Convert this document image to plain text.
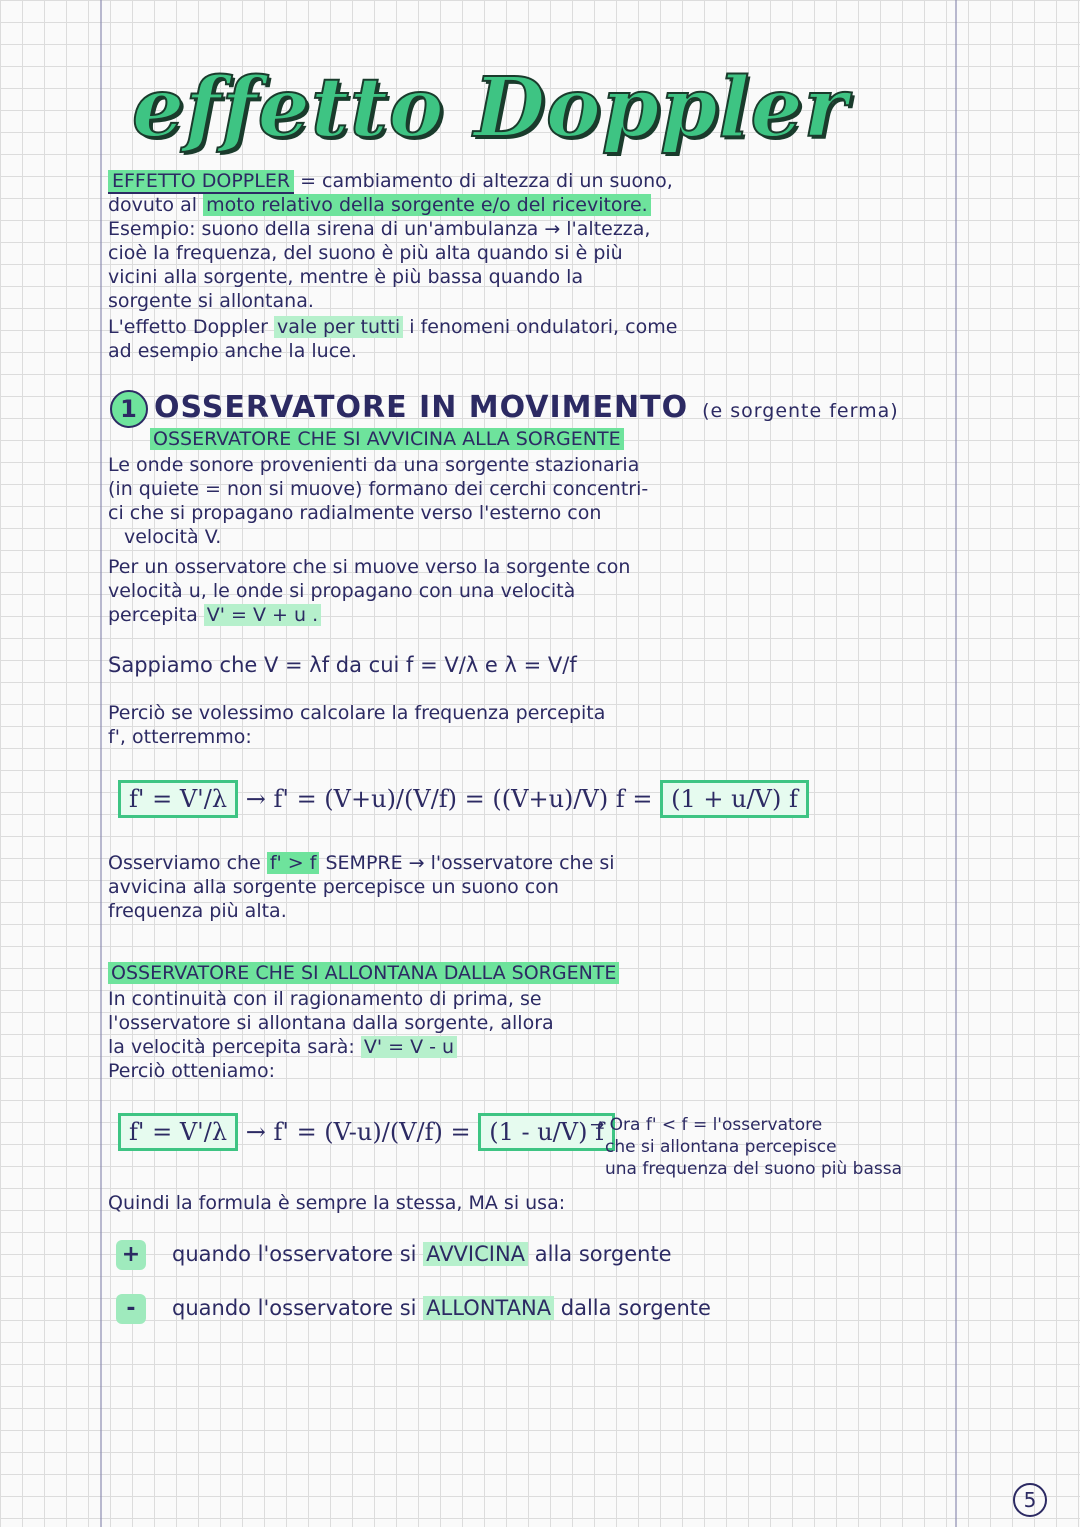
effetto Doppler
EFFETTO DOPPLER = cambiamento di altezza di un suono,
dovuto al moto relativo della sorgente e/o del ricevitore.
Esempio: suono della sirena di un'ambulanza → l'altezza,
cioè la frequenza, del suono è più alta quando si è più
vicini alla sorgente, mentre è più bassa quando la
sorgente si allontana.
L'effetto Doppler vale per tutti i fenomeni ondulatori, come
ad esempio anche la luce.
1 OSSERVATORE IN MOVIMENTO (e sorgente ferma)
OSSERVATORE CHE SI AVVICINA ALLA SORGENTE
Le onde sonore provenienti da una sorgente stazionaria
(in quiete = non si muove) formano dei cerchi concentri-
ci che si propagano radialmente verso l'esterno con
velocità V.
Per un osservatore che si muove verso la sorgente con
velocità u, le onde si propagano con una velocità
percepita V' = V + u .
Sappiamo che V = λf da cui f = V/λ e λ = V/f
Perciò se volessimo calcolare la frequenza percepita
f', otterremmo:
f' = V'/λ → f' = (V+u)/(V/f) = ((V+u)/V) f = (1 + u/V) f
Osserviamo che f' > f SEMPRE → l'osservatore che si
avvicina alla sorgente percepisce un suono con
frequenza più alta.
OSSERVATORE CHE SI ALLONTANA DALLA SORGENTE
In continuità con il ragionamento di prima, se
l'osservatore si allontana dalla sorgente, allora
la velocità percepita sarà: V' = V - u
Perciò otteniamo:
f' = V'/λ → f' = (V-u)/(V/f) = (1 - u/V) f
→ Ora f' < f = l'osservatore
che si allontana percepisce
una frequenza del suono più bassa
Quindi la formula è sempre la stessa, MA si usa:
+ quando l'osservatore si AVVICINA alla sorgente
-	quando l'osservatore si ALLONTANA dalla sorgente
5
